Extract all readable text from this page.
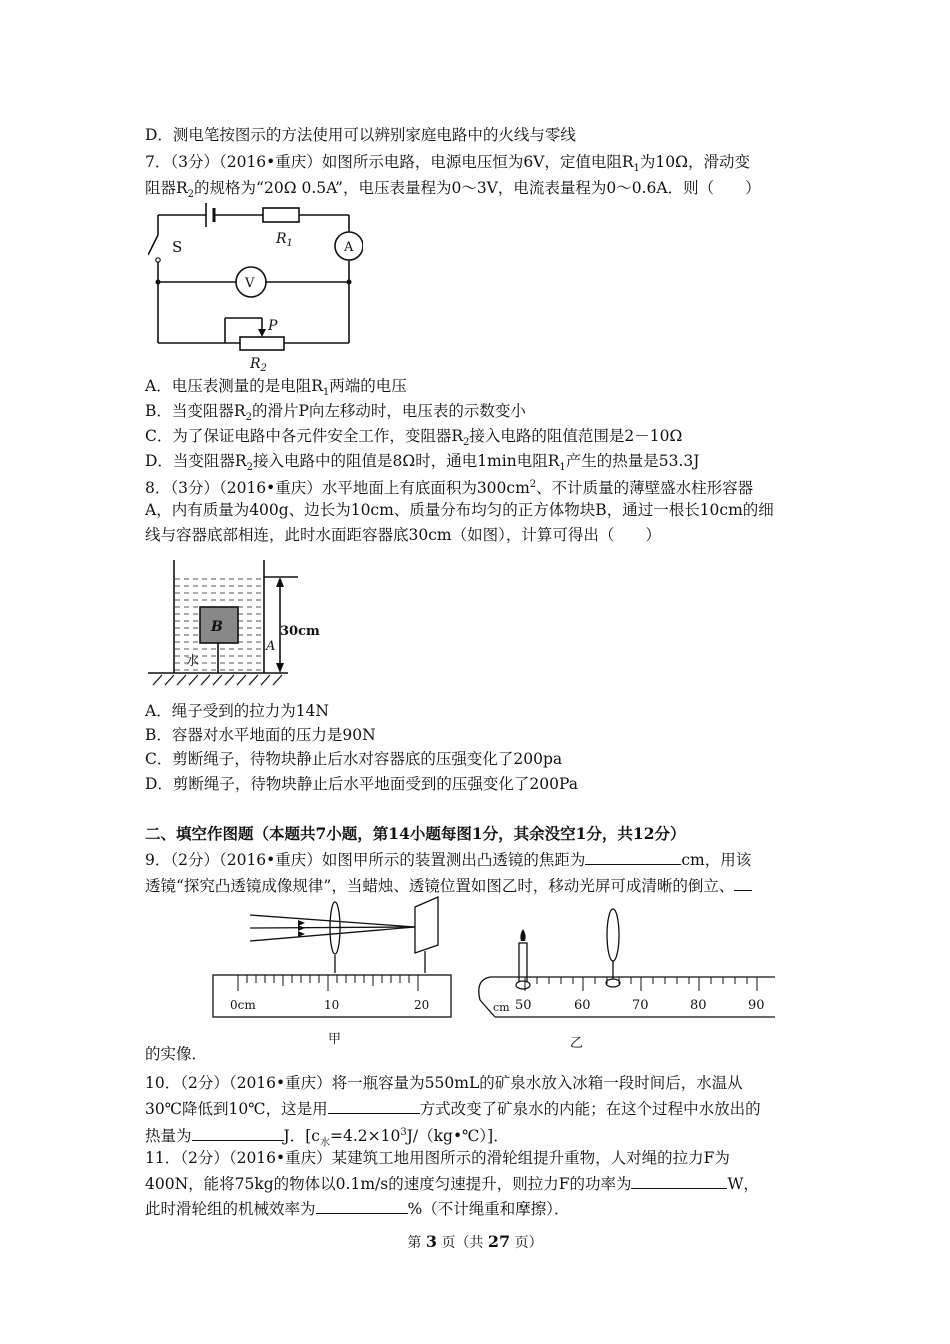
D．测电笔按图示的方法使用可以辨别家庭电路中的火线与零线
7．（3分）（2016•重庆）如图所示电路，电源电压恒为6V，定值电阻$R_1$为10Ω，滑动变
阻器$R_2$的规格为“20Ω 0.5A”，电压表量程为0～3V，电流表量程为0～0.6A．则（　　）
S	$R_1$	A
V
P
$R_2$
A．电压表测量的是电阻$R_1$两端的电压
B．当变阻器$R_2$的滑片P向左移动时，电压表的示数变小
C．为了保证电路中各元件安全工作，变阻器$R_2$接入电路的阻值范围是2－10Ω
D．当变阻器$R_2$接入电路中的阻值是8Ω时，通电1min电阻$R_1$产生的热量是53.3J
8．（3分）（2016•重庆）水平地面上有底面积为$300cm^2$、不计质量的薄壁盛水柱形容器
A，内有质量为400g、边长为10cm、质量分布均匀的正方体物块B，通过一根长10cm的细
线与容器底部相连，此时水面距容器底30cm（如图），计算可得出（　　）
B	30cm
A
水
A．绳子受到的拉力为14N
B．容器对水平地面的压力是90N
C．剪断绳子，待物块静止后水对容器底的压强变化了200pa
D．剪断绳子，待物块静止后水平地面受到的压强变化了200Pa
二、填空作图题（本题共7小题，第14小题每图1分，其余没空1分，共12分）
9．（2分）（2016•重庆）如图甲所示的装置测出凸透镜的焦距为	cm，用该
透镜“探究凸透镜成像规律”，当蜡烛、透镜位置如图乙时，移动光屏可成清晰的倒立、
0cm	10	20
甲
cm 50	60	70	80	90
乙
的实像．
10．（2分）（2016•重庆）将一瓶容量为550mL的矿泉水放入冰箱一段时间后，水温从
30℃降低到10℃，这是用	方式改变了矿泉水的内能；在这个过程中水放出的
热量为	J．$[c_水=4.2\times 10^3J/(kg•℃)]$．
11．（2分）（2016•重庆）某建筑工地用图所示的滑轮组提升重物，人对绳的拉力F为
400N，能将75kg的物体以0.1m/s的速度匀速提升，则拉力F的功率为	W，
此时滑轮组的机械效率为	%（不计绳重和摩擦）．
第 3 页（共 27 页）
